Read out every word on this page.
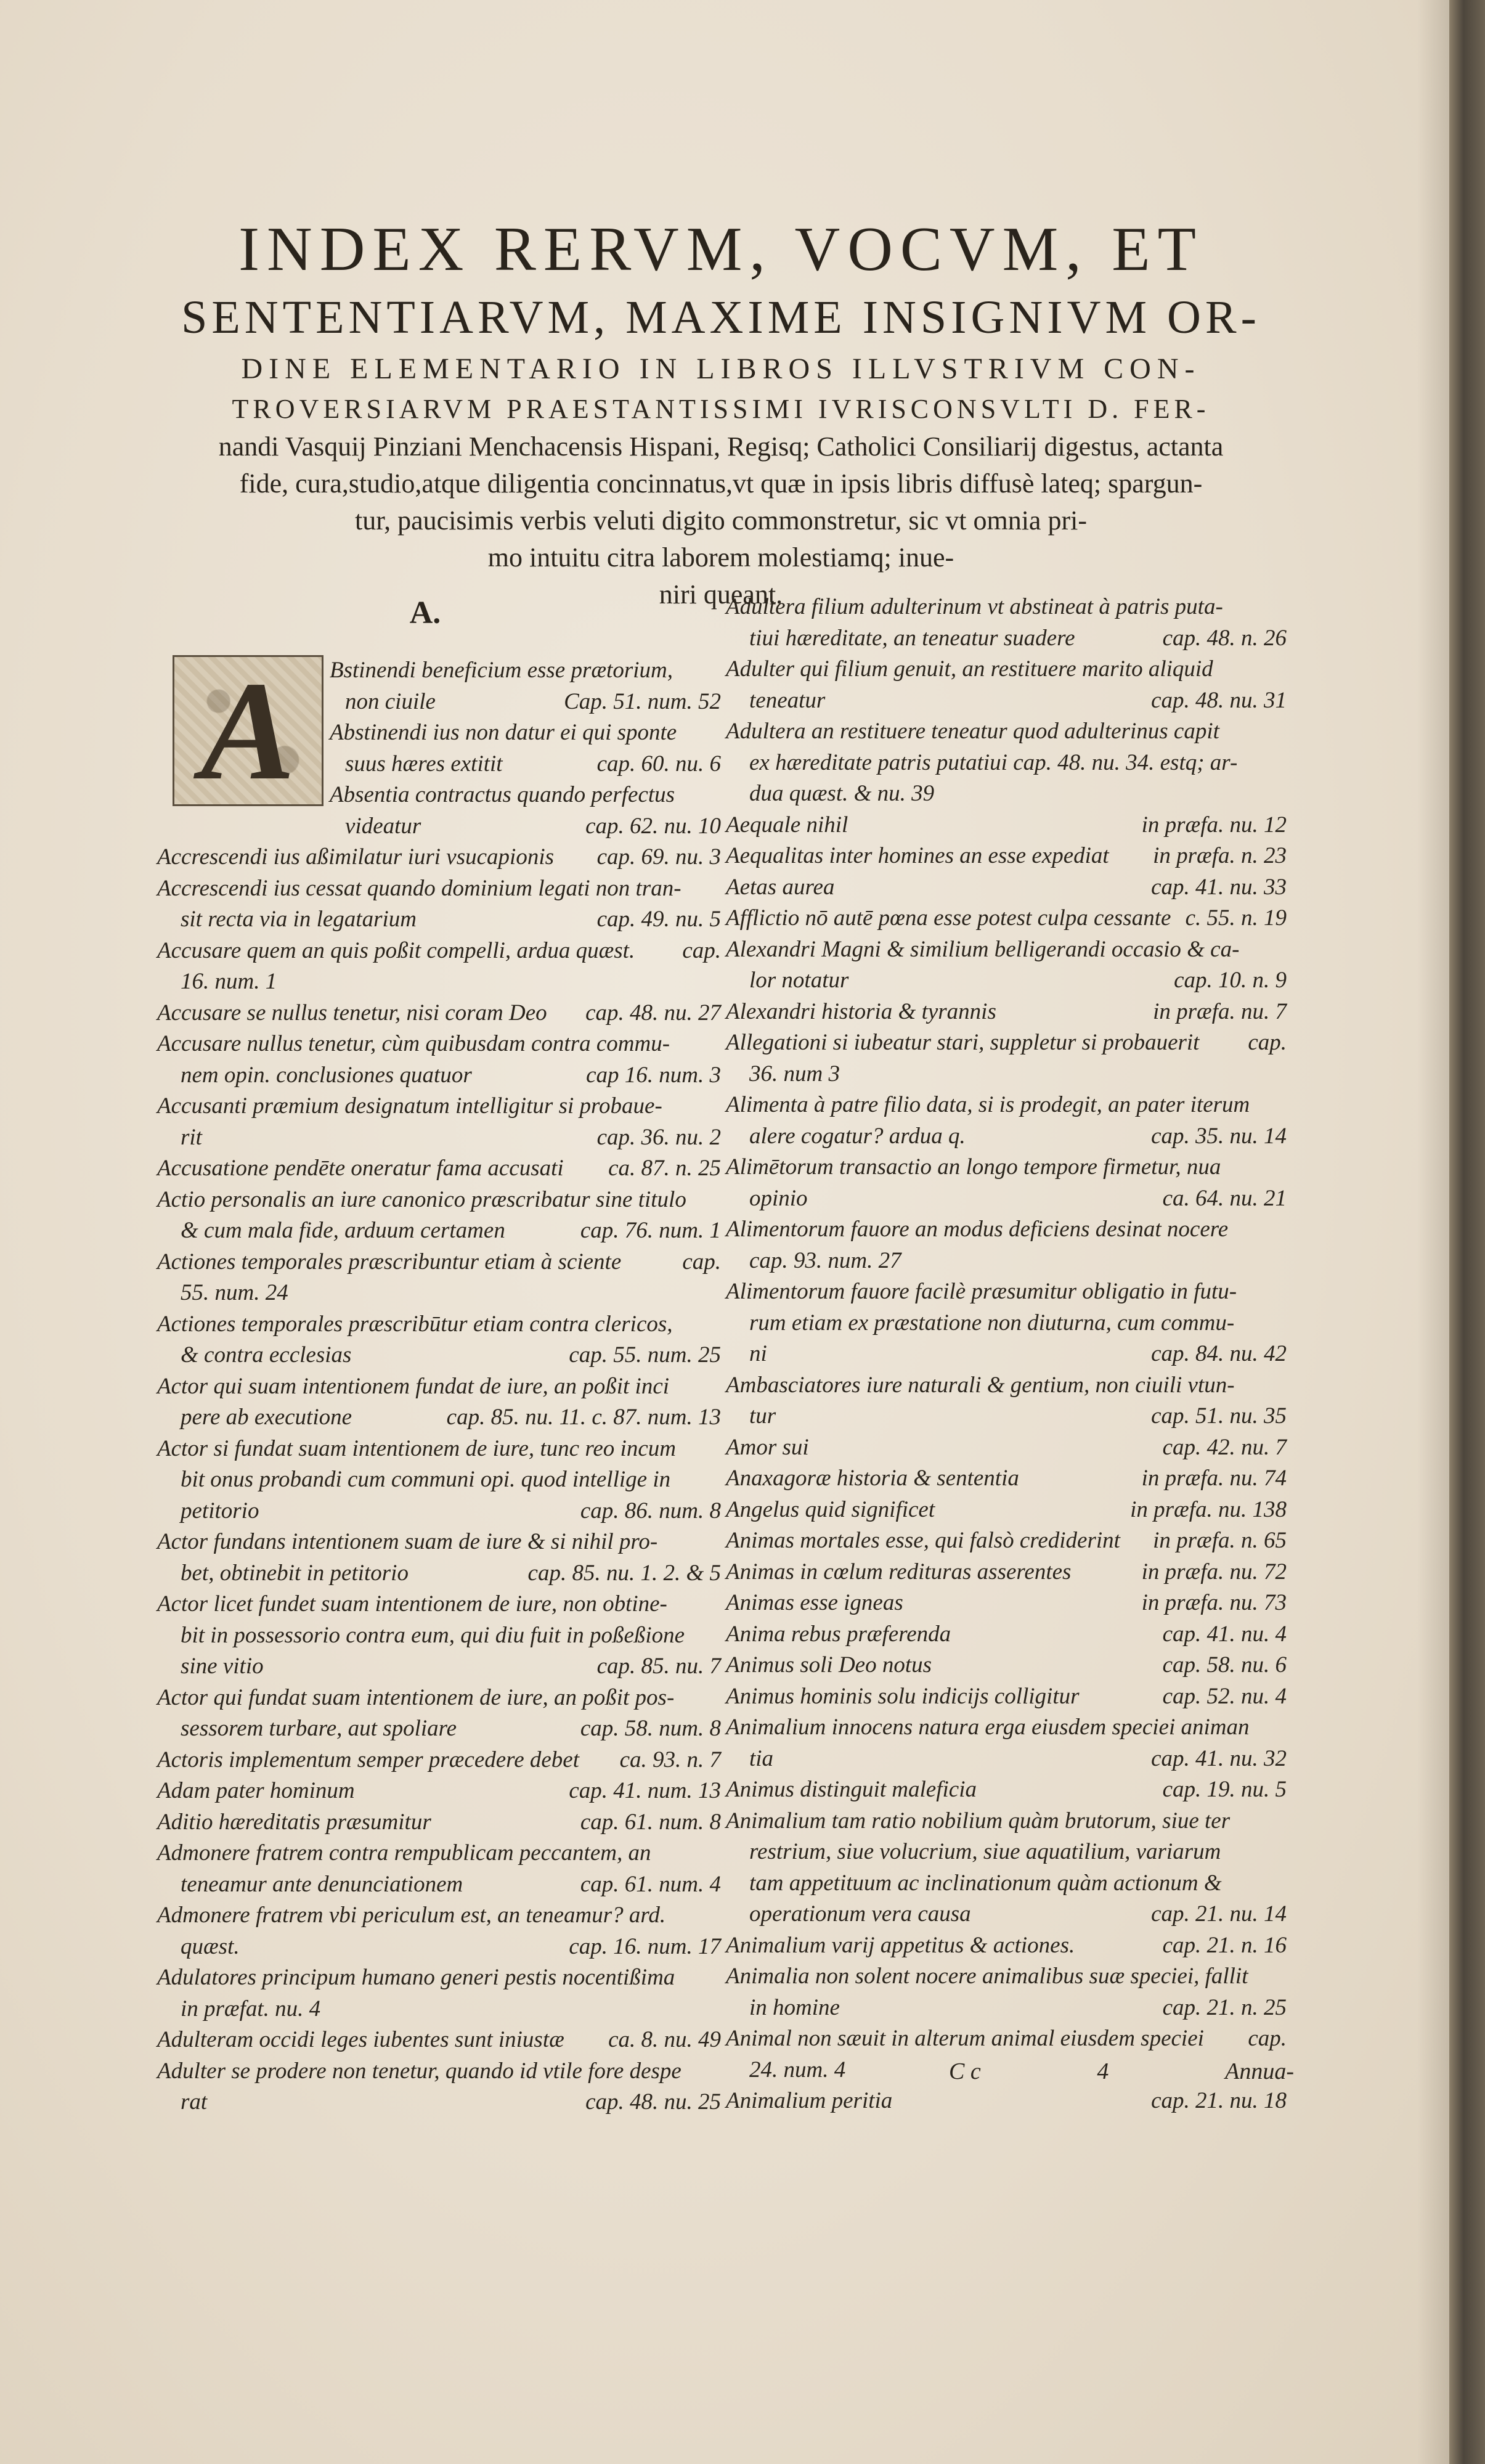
INDEX RERVM, VOCVM, ET
SENTENTIARVM, MAXIME INSIGNIVM OR-
DINE ELEMENTARIO IN LIBROS ILLVSTRIVM CON-
TROVERSIARVM PRAESTANTISSIMI IVRISCONSVLTI D. FER-
nandi Vasquij Pinziani Menchacensis Hispani, Regisq; Catholici Consiliarij digestus, actanta
fide, cura,studio,atque diligentia concinnatus,vt quæ in ipsis libris diffusè lateq; spargun-
tur, paucisimis verbis veluti digito commonstretur, sic vt omnia pri-
mo intuitu citra laborem molestiamq; inue-
niri queant.
A.
A Bstinendi beneficium esse prætorium,
non ciuile	Cap. 51. num. 52
Abstinendi ius non datur ei qui sponte
suus hæres extitit	cap. 60. nu. 6
Absentia contractus quando perfectus
videatur	cap. 62. nu. 10
Accrescendi ius aßimilatur iuri vsucapionis cap. 69. nu. 3
Accrescendi ius cessat quando dominium legati non tran-
sit recta via in legatarium	cap. 49. nu. 5
Accusare quem an quis poßit compelli, ardua quæst. cap.
16. num. 1
Accusare se nullus tenetur, nisi coram Deo cap. 48. nu. 27
Accusare nullus tenetur, cùm quibusdam contra commu-
nem opin. conclusiones quatuor	cap 16. num. 3
Accusanti præmium designatum intelligitur si probaue-
rit	cap. 36. nu. 2
Accusatione pendēte oneratur fama accusati ca. 87. n. 25
Actio personalis an iure canonico præscribatur sine titulo
& cum mala fide, arduum certamen	cap. 76. num. 1
Actiones temporales præscribuntur etiam à sciente	cap.
55. num. 24
Actiones temporales præscribūtur etiam contra clericos,
& contra ecclesias	cap. 55. num. 25
Actor qui suam intentionem fundat de iure, an poßit inci
pere ab executione	cap. 85. nu. 11. c. 87. num. 13
Actor si fundat suam intentionem de iure, tunc reo incum
bit onus probandi cum communi opi. quod intellige in
petitorio	cap. 86. num. 8
Actor fundans intentionem suam de iure & si nihil pro-
bet, obtinebit in petitorio	cap. 85. nu. 1. 2. & 5
Actor licet fundet suam intentionem de iure, non obtine-
bit in possessorio contra eum, qui diu fuit in poßeßione
sine vitio	cap. 85. nu. 7
Actor qui fundat suam intentionem de iure, an poßit pos-
sessorem turbare, aut spoliare	cap. 58. num. 8
Actoris implementum semper præcedere debet ca. 93. n. 7
Adam pater hominum	cap. 41. num. 13
Aditio hæreditatis præsumitur	cap. 61. num. 8
Admonere fratrem contra rempublicam peccantem, an
teneamur ante denunciationem	cap. 61. num. 4
Admonere fratrem vbi periculum est, an teneamur? ard.
quæst.	cap. 16. num. 17
Adulatores principum humano generi pestis nocentißima
in præfat. nu. 4
Adulteram occidi leges iubentes sunt iniustæ ca. 8. nu. 49
Adulter se prodere non tenetur, quando id vtile fore despe
rat	cap. 48. nu. 25
Adultera filium adulterinum vt abstineat à patris puta-
tiui hæreditate, an teneatur suadere	cap. 48. n. 26
Adulter qui filium genuit, an restituere marito aliquid
teneatur	cap. 48. nu. 31
Adultera an restituere teneatur quod adulterinus capit
ex hæreditate patris putatiui cap. 48. nu. 34. estq; ar-
dua quæst. & nu. 39
Aequale nihil	in præfa. nu. 12
Aequalitas inter homines an esse expediat in præfa. n. 23
Aetas aurea	cap. 41. nu. 33
Afflictio nō autē pœna esse potest culpa cessante c. 55. n. 19
Alexandri Magni & similium belligerandi occasio & ca-
lor notatur	cap. 10. n. 9
Alexandri historia & tyrannis	in præfa. nu. 7
Allegationi si iubeatur stari, suppletur si probauerit cap.
36. num 3
Alimenta à patre filio data, si is prodegit, an pater iterum
alere cogatur? ardua q.	cap. 35. nu. 14
Alimētorum transactio an longo tempore firmetur, nua
opinio	ca. 64. nu. 21
Alimentorum fauore an modus deficiens desinat nocere
cap. 93. num. 27
Alimentorum fauore facilè præsumitur obligatio in futu-
rum etiam ex præstatione non diuturna, cum commu-
ni	cap. 84. nu. 42
Ambasciatores iure naturali & gentium, non ciuili vtun-
tur	cap. 51. nu. 35
Amor sui	cap. 42. nu. 7
Anaxagoræ historia & sententia	in præfa. nu. 74
Angelus quid significet	in præfa. nu. 138
Animas mortales esse, qui falsò crediderint in præfa. n. 65
Animas in cœlum redituras asserentes	in præfa. nu. 72
Animas esse igneas	in præfa. nu. 73
Anima rebus præferenda	cap. 41. nu. 4
Animus soli Deo notus	cap. 58. nu. 6
Animus hominis solu indicijs colligitur	cap. 52. nu. 4
Animalium innocens natura erga eiusdem speciei animan
tia	cap. 41. nu. 32
Animus distinguit maleficia	cap. 19. nu. 5
Animalium tam ratio nobilium quàm brutorum, siue ter
restrium, siue volucrium, siue aquatilium, variarum
tam appetituum ac inclinationum quàm actionum &
operationum vera causa	cap. 21. nu. 14
Animalium varij appetitus & actiones.	cap. 21. n. 16
Animalia non solent nocere animalibus suæ speciei, fallit
in homine	cap. 21. n. 25
Animal non sæuit in alterum animal eiusdem speciei cap.
24. num. 4
Animalium peritia	cap. 21. nu. 18
C c	4	Annua-
